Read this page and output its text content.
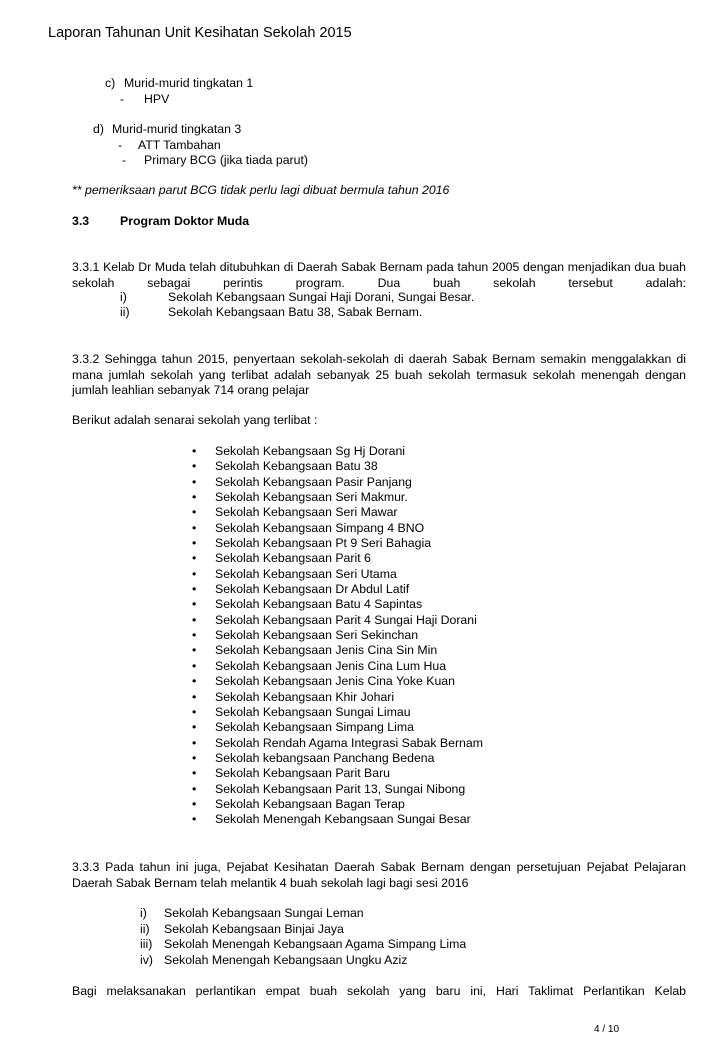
Laporan Tahunan Unit Kesihatan Sekolah 2015
c) Murid-murid tingkatan 1
- HPV
d) Murid-murid tingkatan 3
- ATT Tambahan
- Primary BCG (jika tiada parut)
** pemeriksaan parut BCG tidak perlu lagi dibuat bermula tahun 2016
3.3	Program Doktor Muda
3.3.1 Kelab Dr Muda telah ditubuhkan di Daerah Sabak Bernam pada tahun 2005 dengan menjadikan dua buah sekolah sebagai perintis program. Dua buah sekolah tersebut adalah:
i)	Sekolah Kebangsaan Sungai Haji Dorani, Sungai Besar.
ii)	Sekolah Kebangsaan Batu 38, Sabak Bernam.
3.3.2 Sehingga tahun 2015, penyertaan sekolah-sekolah di daerah Sabak Bernam semakin menggalakkan di mana jumlah sekolah yang terlibat adalah sebanyak 25 buah sekolah termasuk sekolah menengah dengan jumlah leahlian sebanyak 714 orang pelajar
Berikut adalah senarai sekolah yang terlibat :
• Sekolah Kebangsaan Sg Hj Dorani
• Sekolah Kebangsaan Batu 38
• Sekolah Kebangsaan Pasir Panjang
• Sekolah Kebangsaan Seri Makmur.
• Sekolah Kebangsaan Seri Mawar
• Sekolah Kebangsaan Simpang 4 BNO
• Sekolah Kebangsaan Pt 9 Seri Bahagia
• Sekolah Kebangsaan Parit 6
• Sekolah Kebangsaan Seri Utama
• Sekolah Kebangsaan Dr Abdul Latif
• Sekolah Kebangsaan Batu 4 Sapintas
• Sekolah Kebangsaan Parit 4 Sungai Haji Dorani
• Sekolah Kebangsaan Seri Sekinchan
• Sekolah Kebangsaan Jenis Cina Sin Min
• Sekolah Kebangsaan Jenis Cina Lum Hua
• Sekolah Kebangsaan Jenis Cina Yoke Kuan
• Sekolah Kebangsaan Khir Johari
• Sekolah Kebangsaan Sungai Limau
• Sekolah Kebangsaan Simpang Lima
• Sekolah Rendah Agama Integrasi Sabak Bernam
• Sekolah kebangsaan Panchang Bedena
• Sekolah Kebangsaan Parit Baru
• Sekolah Kebangsaan Parit 13, Sungai Nibong
• Sekolah Kebangsaan Bagan Terap
• Sekolah Menengah Kebangsaan Sungai Besar
3.3.3 Pada tahun ini juga, Pejabat Kesihatan Daerah Sabak Bernam dengan persetujuan Pejabat Pelajaran Daerah Sabak Bernam telah melantik 4 buah sekolah lagi bagi sesi 2016
i) Sekolah Kebangsaan Sungai Leman
ii) Sekolah Kebangsaan Binjai Jaya
iii) Sekolah Menengah Kebangsaan Agama Simpang Lima
iv) Sekolah Menengah Kebangsaan Ungku Aziz
Bagi melaksanakan perlantikan empat buah sekolah yang baru ini, Hari Taklimat Perlantikan Kelab
4 / 10
